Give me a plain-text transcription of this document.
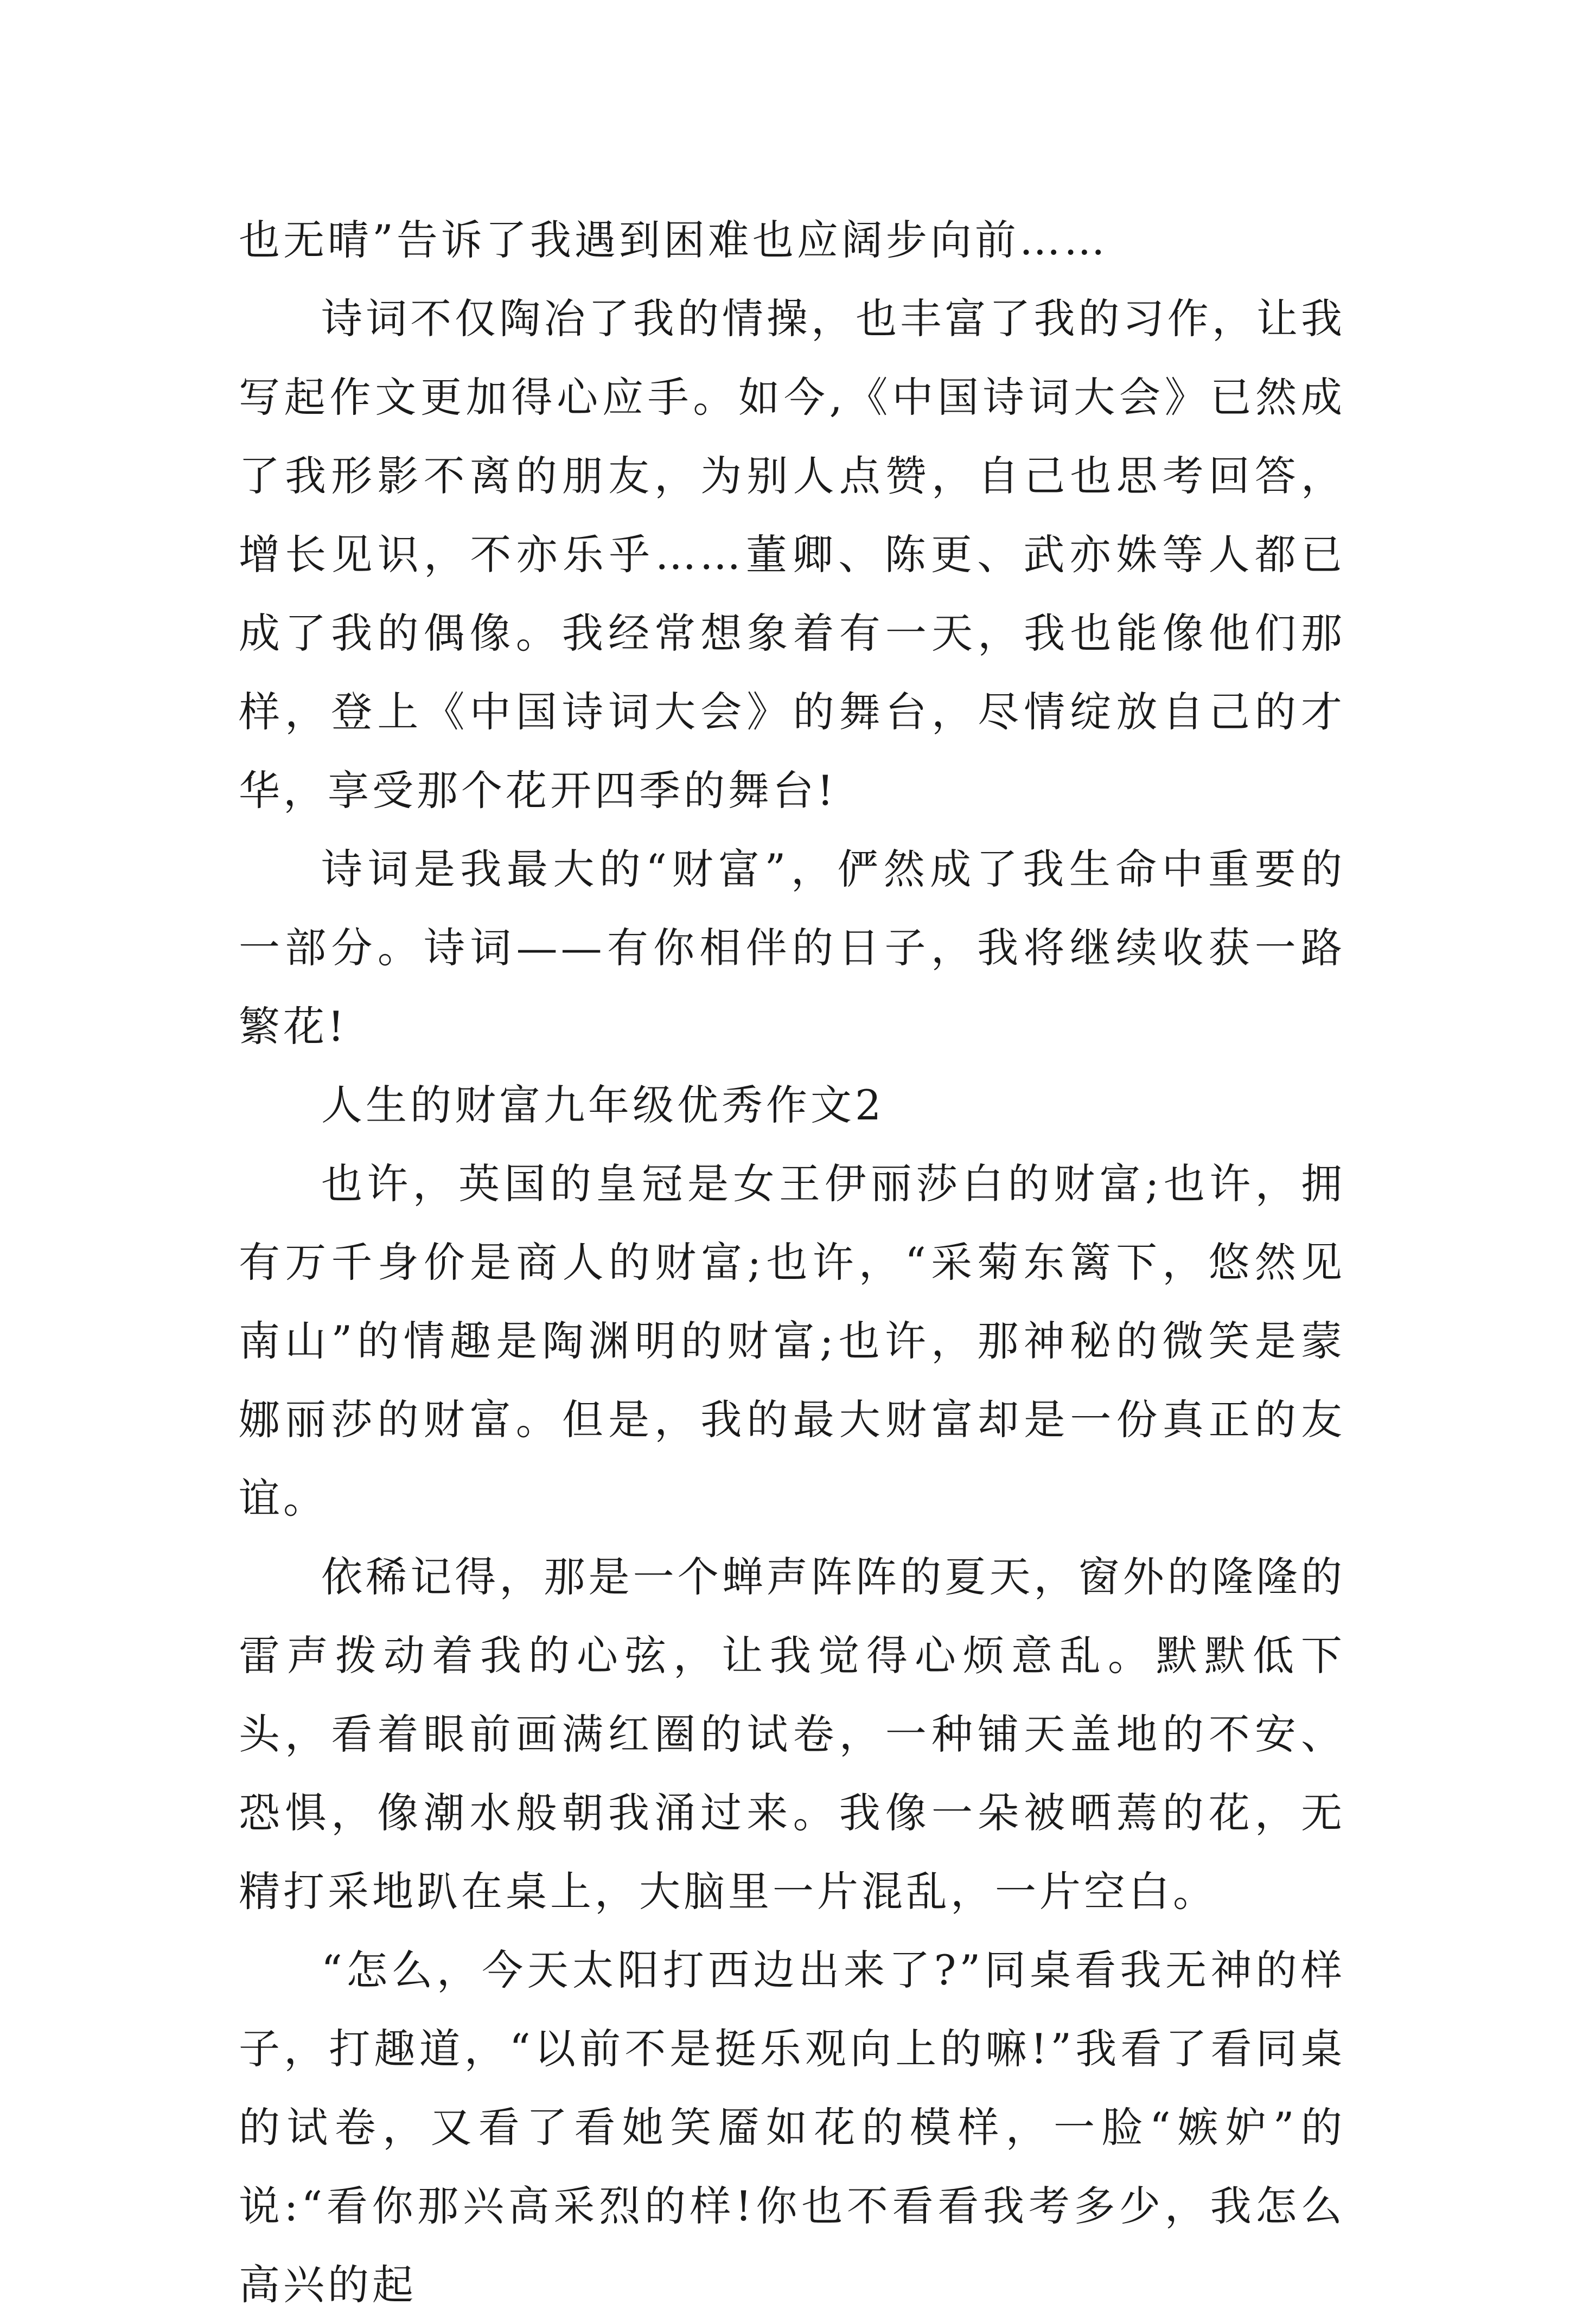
也无晴”告诉了我遇到困难也应阔步向前……

诗词不仅陶冶了我的情操，也丰富了我的习作，让我写起作文更加得心应手。如今,《中国诗词大会》已然成了我形影不离的朋友，为别人点赞，自己也思考回答，增长见识，不亦乐乎……董卿、陈更、武亦姝等人都已成了我的偶像。我经常想象着有一天，我也能像他们那样，登上《中国诗词大会》的舞台，尽情绽放自己的才华，享受那个花开四季的舞台!

诗词是我最大的“财富”，俨然成了我生命中重要的一部分。诗词——有你相伴的日子，我将继续收获一路繁花!

人生的财富九年级优秀作文2

也许，英国的皇冠是女王伊丽莎白的财富;也许，拥有万千身价是商人的财富;也许，“采菊东篱下，悠然见南山”的情趣是陶渊明的财富;也许，那神秘的微笑是蒙娜丽莎的财富。但是，我的最大财富却是一份真正的友谊。

依稀记得，那是一个蝉声阵阵的夏天，窗外的隆隆的雷声拨动着我的心弦，让我觉得心烦意乱。默默低下头，看着眼前画满红圈的试卷，一种铺天盖地的不安、恐惧，像潮水般朝我涌过来。我像一朵被晒蔫的花，无精打采地趴在桌上，大脑里一片混乱，一片空白。

“怎么，今天太阳打西边出来了?”同桌看我无神的样子，打趣道，“以前不是挺乐观向上的嘛!”我看了看同桌的试卷，又看了看她笑靥如花的模样，一脸“嫉妒”的说:“看你那兴高采烈的样!你也不看看我考多少，我怎么高兴的起
